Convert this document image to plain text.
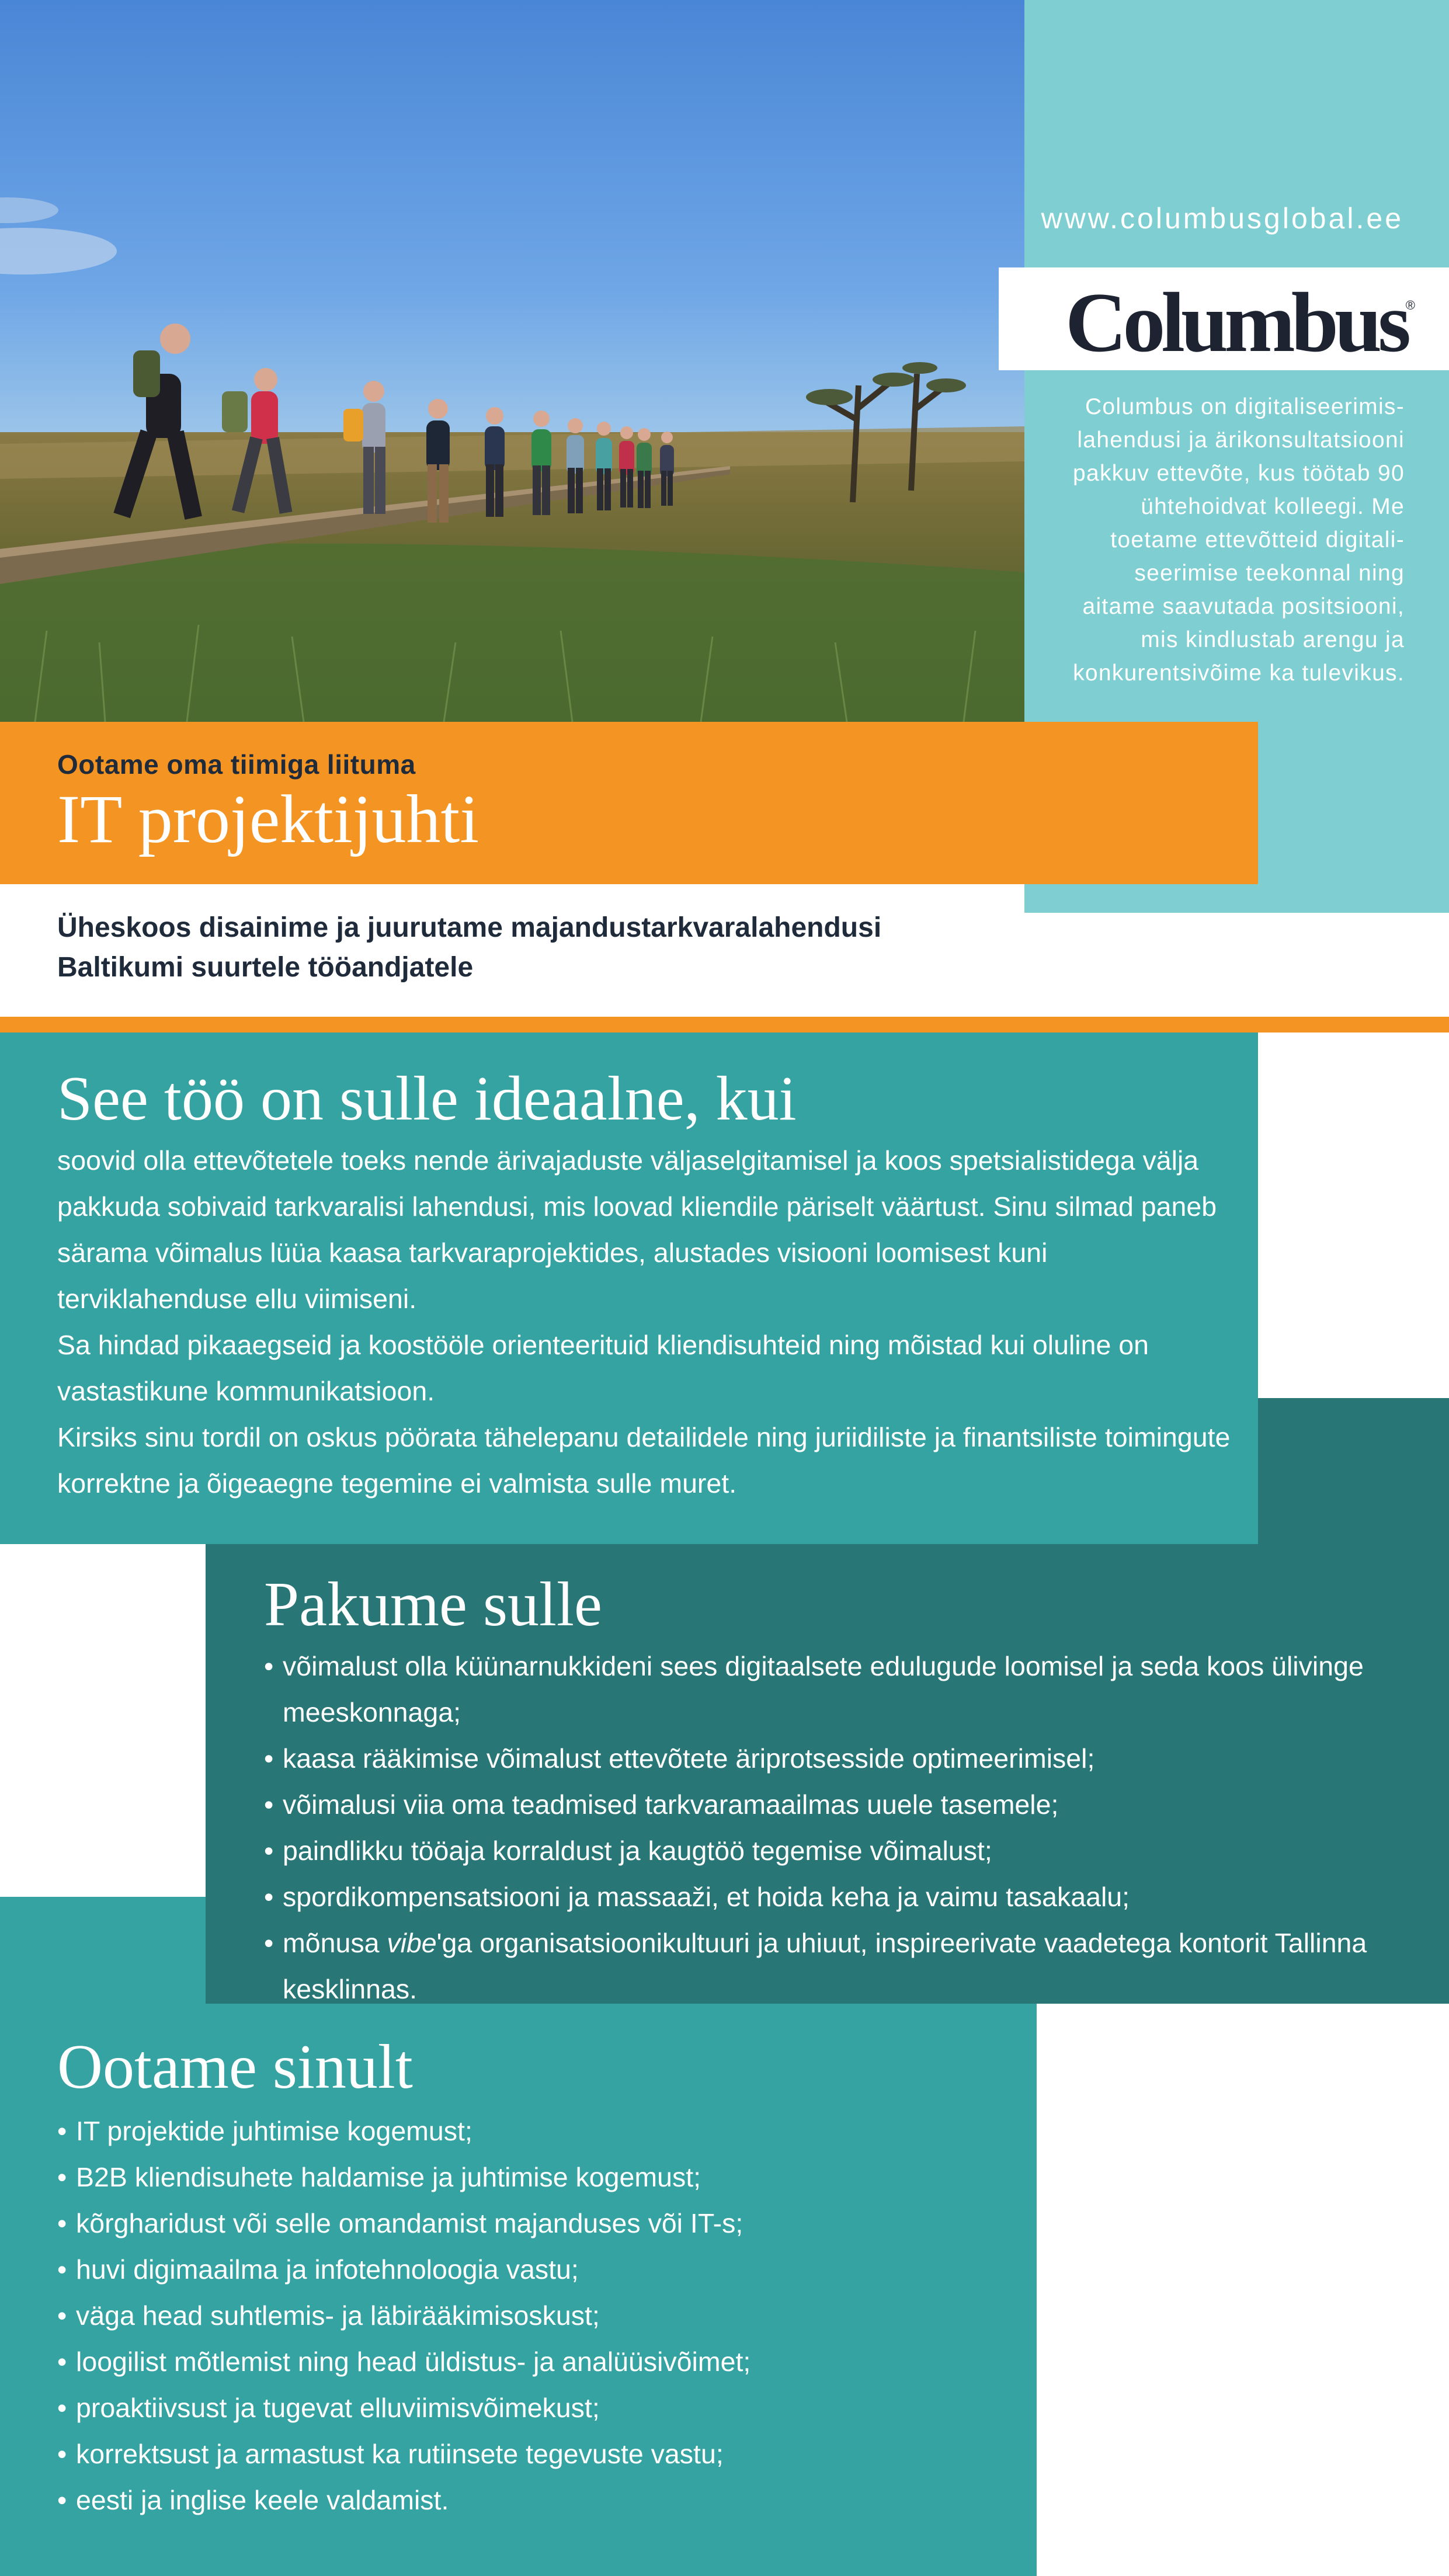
www.columbusglobal.ee
Columbus
®
Columbus on digitaliseerimis-
lahendusi ja ärikonsultatsiooni
pakkuv ettevõte, kus töötab 90
ühtehoidvat kolleegi. Me
toetame ettevõtteid digitali-
seerimise teekonnal ning
aitame saavutada positsiooni,
mis kindlustab arengu ja
konkurentsivõime ka tulevikus.
Ootame oma tiimiga liituma
IT projektijuhti
Üheskoos disainime ja juurutame majandustarkvaralahendusi
Baltikumi suurtele tööandjatele
See töö on sulle ideaalne, kui

soovid olla ettevõtetele toeks nende ärivajaduste väljaselgitamisel ja koos spetsialistidega välja pakkuda sobivaid tarkvaralisi lahendusi, mis loovad kliendile päriselt väärtust. Sinu silmad paneb särama võimalus lüüa kaasa tarkvaraprojektides, alustades visiooni loomisest kuni terviklahenduse ellu viimiseni.

Sa hindad pikaaegseid ja koostööle orienteerituid kliendisuhteid ning mõistad kui oluline on vastastikune kommunikatsioon.

Kirsiks sinu tordil on oskus pöörata tähelepanu detailidele ning juriidiliste ja finantsiliste toimingute korrektne ja õigeaegne tegemine ei valmista sulle muret.

Ootame sinult
• IT projektide juhtimise kogemust;
• B2B kliendisuhete haldamise ja juhtimise kogemust;
• kõrgharidust või selle omandamist majanduses või IT-s;
• huvi digimaailma ja infotehnoloogia vastu;
• väga head suhtlemis- ja läbirääkimisoskust;
• loogilist mõtlemist ning head üldistus- ja analüüsivõimet;
• proaktiivsust ja tugevat elluviimisvõimekust;
• korrektsust ja armastust ka rutiinsete tegevuste vastu;
• eesti ja inglise keele valdamist.
Pakume sulle
• võimalust olla küünarnukkideni sees digitaalsete edulugude loomisel ja seda koos ülivinge meeskonnaga;
• kaasa rääkimise võimalust ettevõtete äriprotsesside optimeerimisel;
• võimalusi viia oma teadmised tarkvaramaailmas uuele tasemele;
• paindlikku tööaja korraldust ja kaugtöö tegemise võimalust;
• spordikompensatsiooni ja massaaži, et hoida keha ja vaimu tasakaalu;
• mõnusa vibe'ga organisatsioonikultuuri ja uhiuut, inspireerivate vaadetega kontorit Tallinna kesklinnas.
